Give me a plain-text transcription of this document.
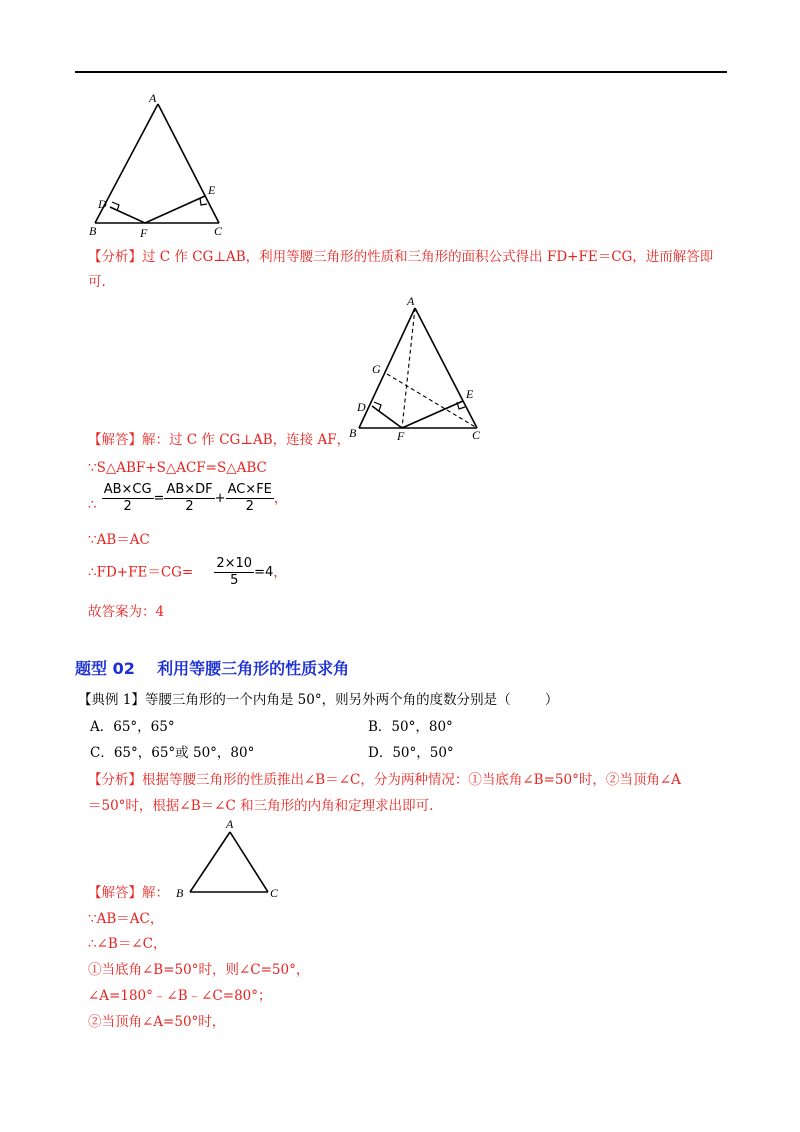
A
D
E
B	F	C
【分析】过 C 作 CG⊥AB，利用等腰三角形的性质和三角形的面积公式得出 FD+FE＝CG，进而解答即
可.
A
G
D
E
B	F	C
【解答】解：过 C 作 CG⊥AB，连接 AF，
∵S△ABF+S△ACF=S△ABC
∴ $\frac{AB\times CG}{2} = \frac{AB\times DF}{2} + \frac{AC\times FE}{2}$ ，
∵AB＝AC
∴FD+FE＝CG= $\frac{2\times 10}{5} =4$，
故答案为：4
题型 02    利用等腰三角形的性质求角
【典例 1】等腰三角形的一个内角是 50°，则另外两个角的度数分别是（        ）
A．65°，65°	B．50°，80°
C．65°，65°或 50°，80°	D．50°，50°
【分析】根据等腰三角形的性质推出∠B＝∠C，分为两种情况：①当底角∠B=50°时，②当顶角∠A
＝50°时，根据∠B＝∠C 和三角形的内角和定理求出即可.
A
B	C
【解答】解：
∵AB＝AC，
∴∠B＝∠C，
①当底角∠B=50°时，则∠C=50°，
∠A=180°﹣∠B﹣∠C=80°；
②当顶角∠A=50°时，
